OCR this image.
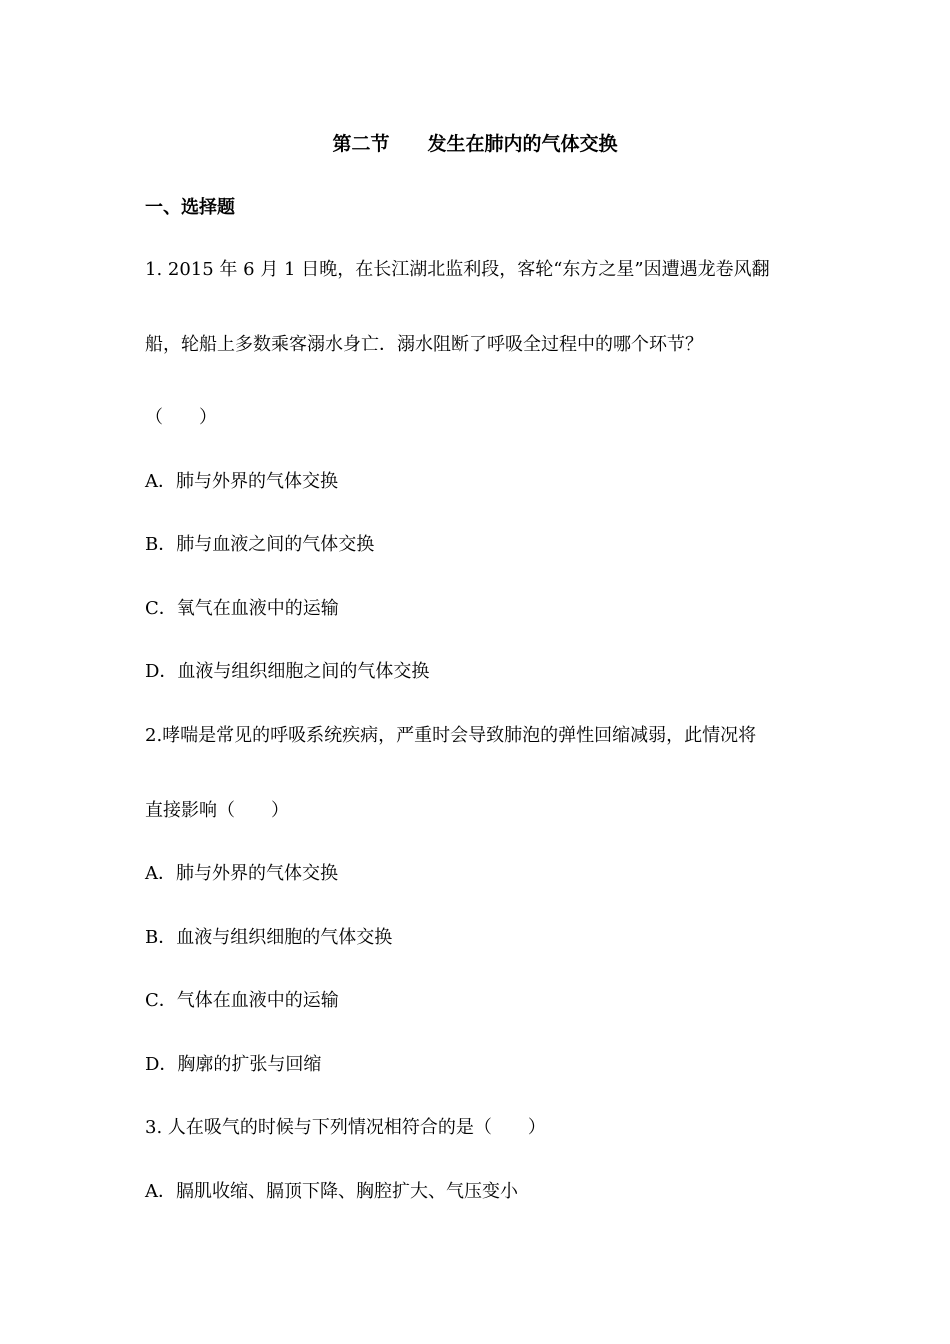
第二节　　发生在肺内的气体交换
一、选择题
1. 2015 年 6 月 1 日晚，在长江湖北监利段，客轮“东方之星”因遭遇龙卷风翻
船，轮船上多数乘客溺水身亡．溺水阻断了呼吸全过程中的哪个环节？
（　　）
A．肺与外界的气体交换
B．肺与血液之间的气体交换
C．氧气在血液中的运输
D．血液与组织细胞之间的气体交换
2.哮喘是常见的呼吸系统疾病，严重时会导致肺泡的弹性回缩减弱，此情况将
直接影响（　　）
A．肺与外界的气体交换
B．血液与组织细胞的气体交换
C．气体在血液中的运输
D．胸廓的扩张与回缩
3. 人在吸气的时候与下列情况相符合的是（　　）
A．膈肌收缩、膈顶下降、胸腔扩大、气压变小
